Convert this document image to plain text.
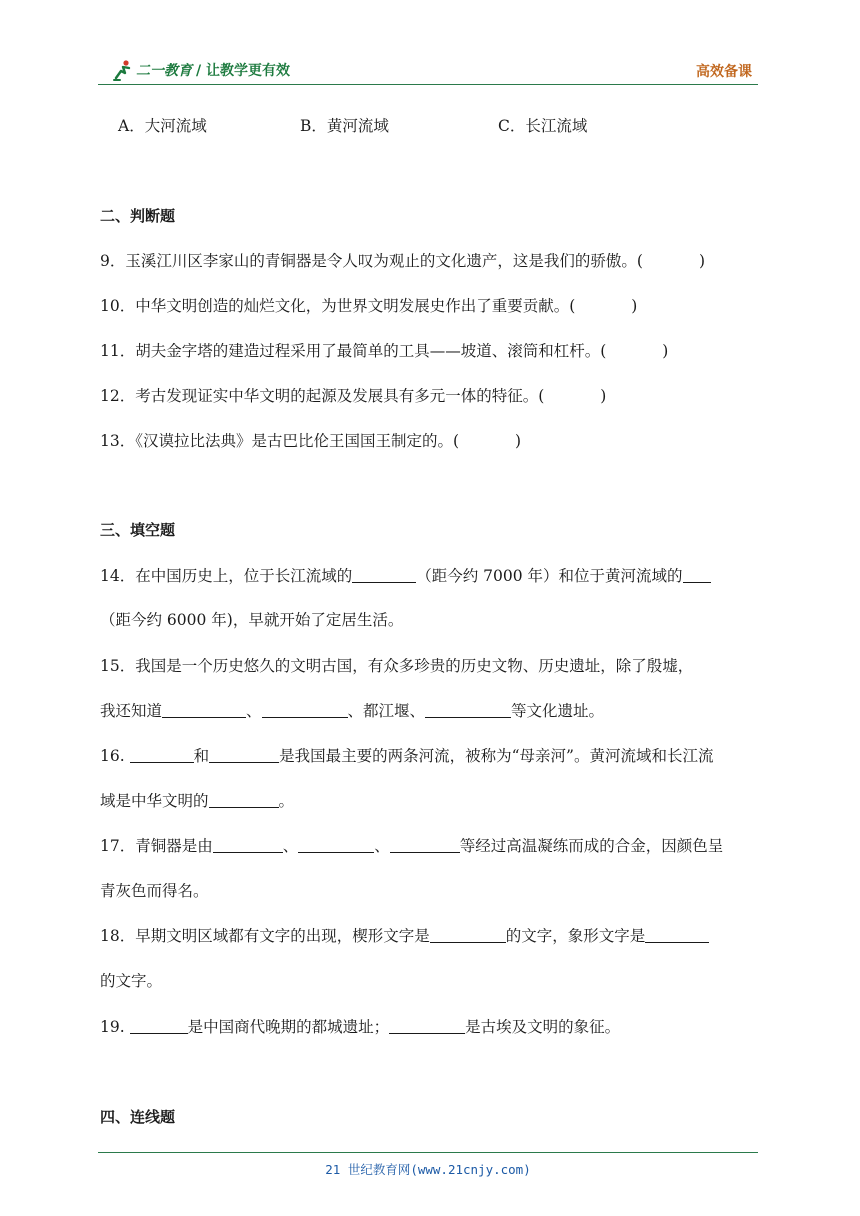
二一教育 / 让教学更有效	高效备课
A．大河流域	B．黄河流域	C．长江流域
二、判断题
9．玉溪江川区李家山的青铜器是令人叹为观止的文化遗产，这是我们的骄傲。(	)
10．中华文明创造的灿烂文化，为世界文明发展史作出了重要贡献。(	)
11．胡夫金字塔的建造过程采用了最简单的工具——坡道、滚筒和杠杆。(	)
12．考古发现证实中华文明的起源及发展具有多元一体的特征。(	)
13．《汉谟拉比法典》是古巴比伦王国国王制定的。(	)
三、填空题
14．在中国历史上，位于长江流域的	（距今约 7000 年）和位于黄河流域的
（距今约 6000 年)，早就开始了定居生活。
15．我国是一个历史悠久的文明古国，有众多珍贵的历史文物、历史遗址，除了殷墟，
我还知道	、	、都江堰、	等文化遗址。
16.	和	是我国最主要的两条河流，被称为“母亲河”。黄河流域和长江流
域是中华文明的	。
17．青铜器是由	、	、	等经过高温凝练而成的合金，因颜色呈
青灰色而得名。
18．早期文明区域都有文字的出现，楔形文字是	的文字，象形文字是
的文字。
19.	是中国商代晚期的都城遗址；	是古埃及文明的象征。
四、连线题
21 世纪教育网(www.21cnjy.com)
